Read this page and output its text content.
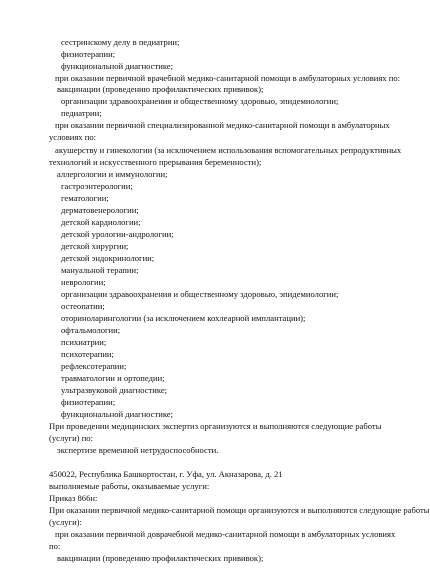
сестринскому делу в педиатрии;
физиотерапии;
функциональной диагностике;
при оказании первичной врачебной медико-санитарной помощи в амбулаторных условиях по:
вакцинации (проведению профилактических прививок);
организации здравоохранения и общественному здоровью, эпидемиологии;
педиатрии;
при оказании первичной специализированной медико-санитарной помощи в амбулаторных
условиях по:
акушерству и гинекологии (за исключением использования вспомогательных репродуктивных
технологий и искусственного прерывания беременности);
аллергологии и иммунологии;
гастроэнтерологии;
гематологии;
дерматовенерологии;
детской кардиологии;
детской урологии-андрологии;
детской хирургии;
детской эндокринологии;
мануальной терапии;
неврологии;
организации здравоохранения и общественному здоровью, эпидемиологии;
остеопатии;
оториноларингологии (за исключением кохлеарной имплантации);
офтальмологии;
психиатрии;
психотерапии;
рефлексотерапии;
травматологии и ортопедии;
ультразвуковой диагностике;
физиотерапии;
функциональной диагностике;
При проведении медицинских экспертиз организуются и выполняются следующие работы
(услуги) по:
экспертизе временной нетрудоспособности.
450022, Республика Башкортостан, г. Уфа, ул. Акназарова, д. 21
выполняемые работы, оказываемые услуги:
Приказ 866н:
При оказании первичной медико-санитарной помощи организуются и выполняются следующие работы
(услуги):
при оказании первичной доврачебной медико-санитарной помощи в амбулаторных условиях
по:
вакцинации (проведению профилактических прививок);
